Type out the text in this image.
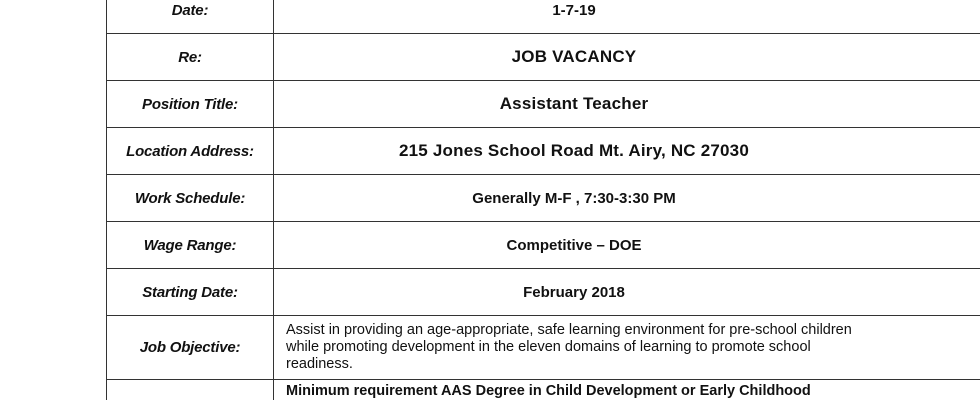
Date:	1-7-19

Re:	JOB VACANCY

Position Title:	Assistant Teacher

Location Address:	215 Jones School Road Mt. Airy, NC 27030

Work Schedule:	Generally M-F , 7:30-3:30 PM

Wage Range:	Competitive – DOE

Starting Date:	February 2018

Job Objective:	Assist in providing an age-appropriate, safe learning environment for pre-school children while promoting development in the eleven domains of learning to promote school readiness.

	Minimum requirement AAS Degree in Child Development or Early Childhood
